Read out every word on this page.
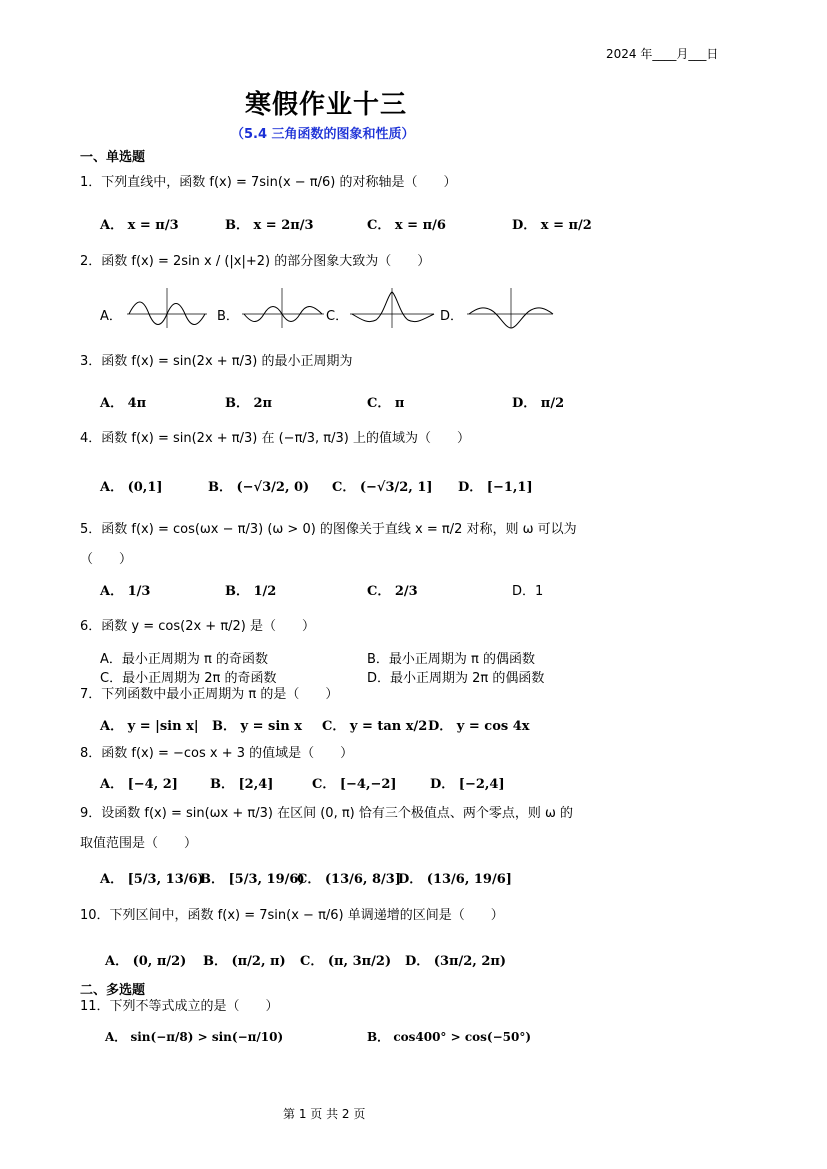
2024 年____月___日
寒假作业十三
（5.4 三角函数的图象和性质）
一、单选题
1．下列直线中，函数 f(x) = 7sin(x − π/6) 的对称轴是（　　）
A． x = π/3	B． x = 2π/3	C． x = π/6	D． x = π/2
2．函数 f(x) = 2sin x / (|x|+2) 的部分图象大致为（　　）
A．	B．	C．	D．
3．函数 f(x) = sin(2x + π/3) 的最小正周期为
A． 4π	B． 2π	C． π	D． π/2
4．函数 f(x) = sin(2x + π/3) 在 (−π/3, π/3) 上的值域为（　　）
A． (0,1]	B． (−√3/2, 0) C． (−√3/2, 1] D． [−1,1]
5．函数 f(x) = cos(ωx − π/3) (ω > 0) 的图像关于直线 x = π/2 对称，则 ω 可以为
（　　）
A． 1/3	B． 1/2	C． 2/3	D．1
6．函数 y = cos(2x + π/2) 是（　　）
A．最小正周期为 π 的奇函数	B．最小正周期为 π 的偶函数
C．最小正周期为 2π 的奇函数	D．最小正周期为 2π 的偶函数
7．下列函数中最小正周期为 π 的是（　　）
A． y = |sin x| B． y = sin x C． y = tan x/2 D． y = cos 4x
8．函数 f(x) = −cos x + 3 的值域是（　　）
A． [−4, 2] B． [2,4]	C． [−4,−2]	D． [−2,4]
9．设函数 f(x) = sin(ωx + π/3) 在区间 (0, π) 恰有三个极值点、两个零点，则 ω 的
取值范围是（　　）
A． [5/3, 13/6)
B． [5/3, 19/6)
C． (13/6, 8/3]
D． (13/6, 19/6]
10．下列区间中，函数 f(x) = 7sin(x − π/6) 单调递增的区间是（　　）
A． (0, π/2) B． (π/2, π) C． (π, 3π/2) D． (3π/2, 2π)
二、多选题
11．下列不等式成立的是（　　）
A． sin(−π/8) > sin(−π/10)	B． cos400° > cos(−50°)
第 1 页 共 2 页
